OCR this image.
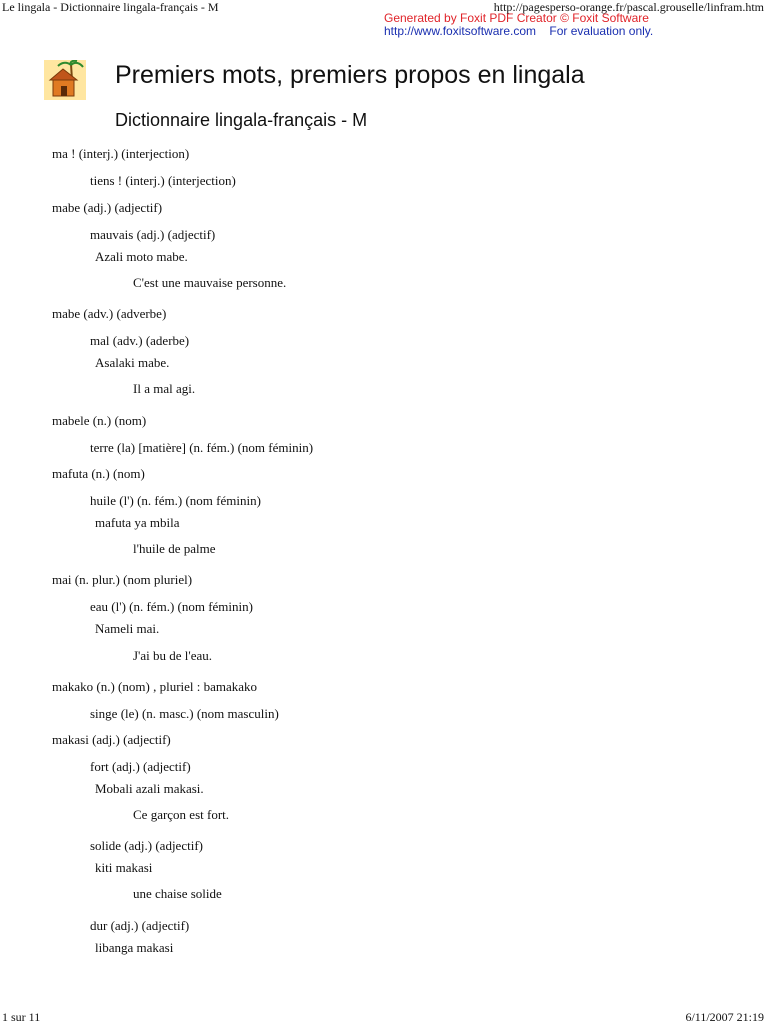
Le lingala - Dictionnaire lingala-français - M	http://pagesperso-orange.fr/pascal.grouselle/linfram.htm
Generated by Foxit PDF Creator © Foxit Software
http://www.foxitsoftware.com For evaluation only.
Premiers mots, premiers propos en lingala
Dictionnaire lingala-français - M
ma ! (interj.) (interjection)
tiens ! (interj.) (interjection)
mabe (adj.) (adjectif)
mauvais (adj.) (adjectif)
Azali moto mabe.
C'est une mauvaise personne.
mabe (adv.) (adverbe)
mal (adv.) (aderbe)
Asalaki mabe.
Il a mal agi.
mabele (n.) (nom)
terre (la) [matière] (n. fém.) (nom féminin)
mafuta (n.) (nom)
huile (l') (n. fém.) (nom féminin)
mafuta ya mbila
l'huile de palme
mai (n. plur.) (nom pluriel)
eau (l') (n. fém.) (nom féminin)
Nameli mai.
J'ai bu de l'eau.
makako (n.) (nom) , pluriel : bamakako
singe (le) (n. masc.) (nom masculin)
makasi (adj.) (adjectif)
fort (adj.) (adjectif)
Mobali azali makasi.
Ce garçon est fort.
solide (adj.) (adjectif)
kiti makasi
une chaise solide
dur (adj.) (adjectif)
libanga makasi
1 sur 11	6/11/2007 21:19
